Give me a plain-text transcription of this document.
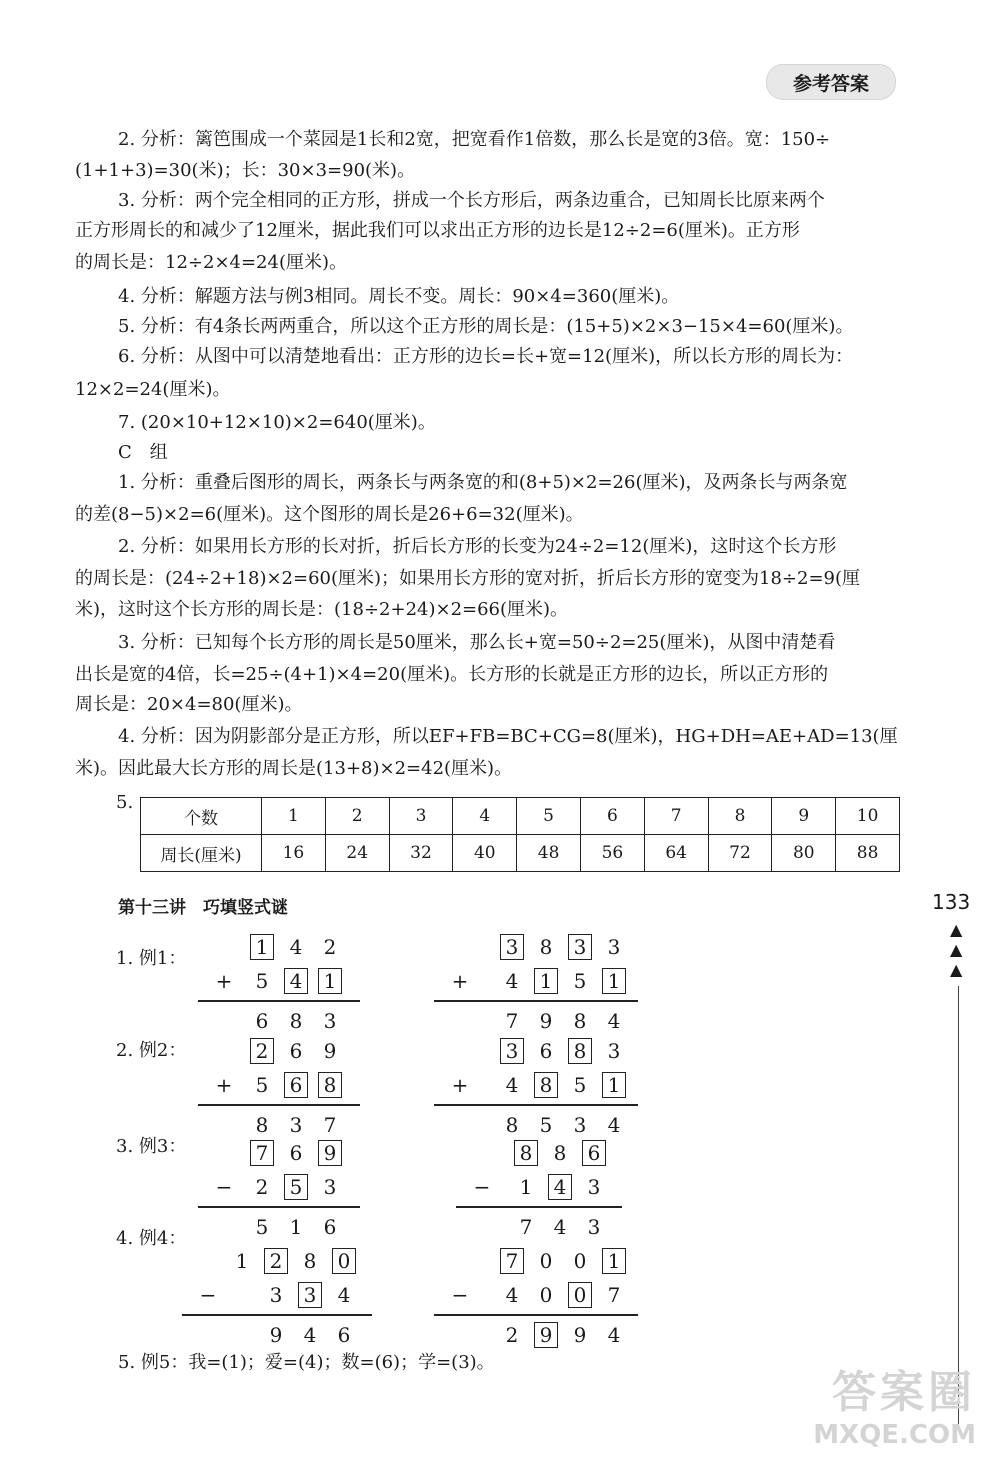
参考答案
2. 分析：篱笆围成一个菜园是1长和2宽，把宽看作1倍数，那么长是宽的3倍。宽：150÷
(1+1+3)=30(米)；长：30×3=90(米)。
3. 分析：两个完全相同的正方形，拼成一个长方形后，两条边重合，已知周长比原来两个
正方形周长的和减少了12厘米，据此我们可以求出正方形的边长是12÷2=6(厘米)。正方形
的周长是：12÷2×4=24(厘米)。
4. 分析：解题方法与例3相同。周长不变。周长：90×4=360(厘米)。
5. 分析：有4条长两两重合，所以这个正方形的周长是：(15+5)×2×3−15×4=60(厘米)。
6. 分析：从图中可以清楚地看出：正方形的边长=长+宽=12(厘米)，所以长方形的周长为：
12×2=24(厘米)。
7. (20×10+12×10)×2=640(厘米)。
C　组
1. 分析：重叠后图形的周长，两条长与两条宽的和(8+5)×2=26(厘米)，及两条长与两条宽
的差(8−5)×2=6(厘米)。这个图形的周长是26+6=32(厘米)。
2. 分析：如果用长方形的长对折，折后长方形的长变为24÷2=12(厘米)，这时这个长方形
的周长是：(24÷2+18)×2=60(厘米)；如果用长方形的宽对折，折后长方形的宽变为18÷2=9(厘
米)，这时这个长方形的周长是：(18÷2+24)×2=66(厘米)。
3. 分析：已知每个长方形的周长是50厘米，那么长+宽=50÷2=25(厘米)，从图中清楚看
出长是宽的4倍，长=25÷(4+1)×4=20(厘米)。长方形的长就是正方形的边长，所以正方形的
周长是：20×4=80(厘米)。
4. 分析：因为阴影部分是正方形，所以EF+FB=BC+CG=8(厘米)，HG+DH=AE+AD=13(厘
米)。因此最大长方形的周长是(13+8)×2=42(厘米)。
5.
个数	1	2	3	4	5	6	7	8	9	10
周长(厘米)	16	24	32	40	48	56	64	72	80	88
第十三讲　巧填竖式谜	133
▲
▲
▲
1. 例1：
2. 例2：
3. 例3：
4. 例4：
1 4 2
5 4 1
+
6 8 3
3 8 3 3
4 1 5 1
+
7 9 8 4
2 6 9
5 6 8
+
8 3 7
3 6 8 3
4 8 5 1
+
8 5 3 4
7 6 9
2 5 3
−
5 1 6
8 8 6
1 4 3
−
7 4 3
1 2 8 0
3 3 4
−
9 4 6
7 0 0 1
4 0 0 7
−
2 9 9 4
5. 例5：我=(1)；爱=(4)；数=(6)；学=(3)。
答案圈
MXQE.COM
